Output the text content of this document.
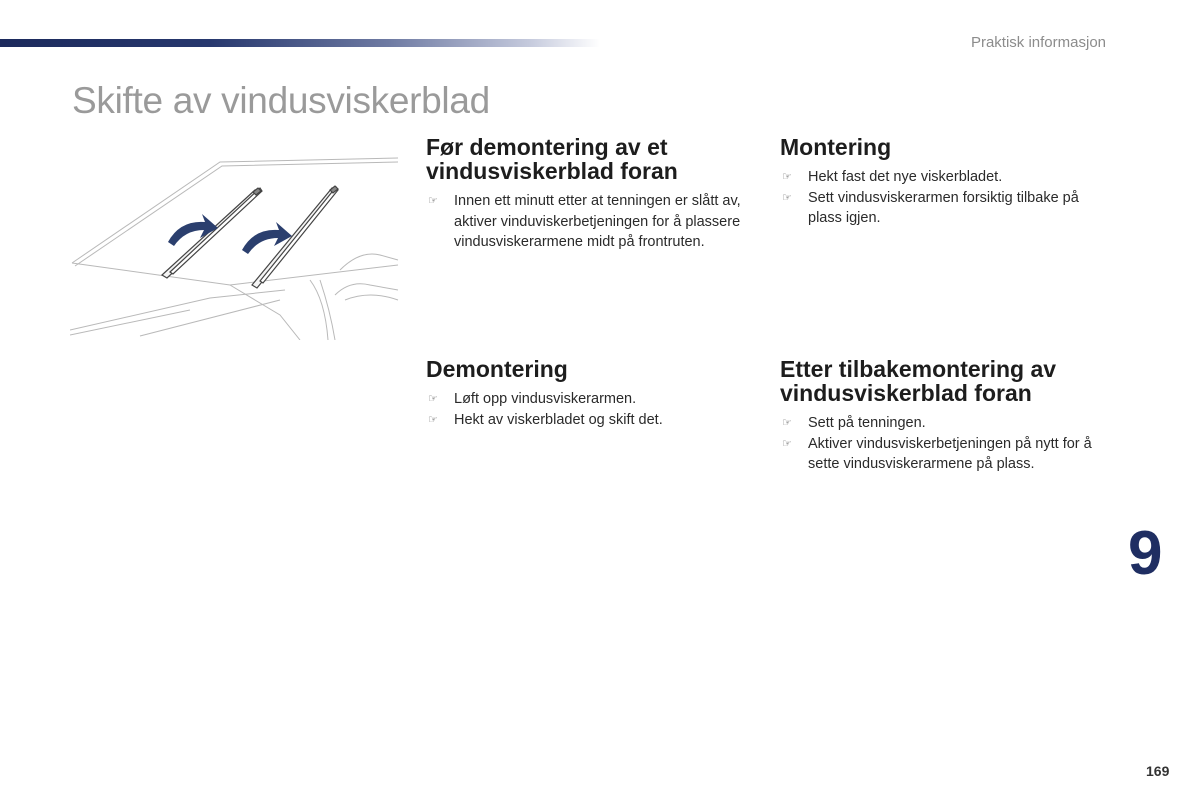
Praktisk informasjon
Skifte av vindusviskerblad
Før demontering av et vindusviskerblad foran
☞ Innen ett minutt etter at tenningen er slått av, aktiver vinduviskerbetjeningen for å plassere vindusviskerarmene midt på frontruten.
Montering
☞ Hekt fast det nye viskerbladet.
☞ Sett vindusviskerarmen forsiktig tilbake på plass igjen.
Demontering
☞ Løft opp vindusviskerarmen.
☞ Hekt av viskerbladet og skift det.
Etter tilbakemontering av vindusviskerblad foran
☞ Sett på tenningen.
☞ Aktiver vindusviskerbetjeningen på nytt for å sette vindusviskerarmene på plass.
9
169
